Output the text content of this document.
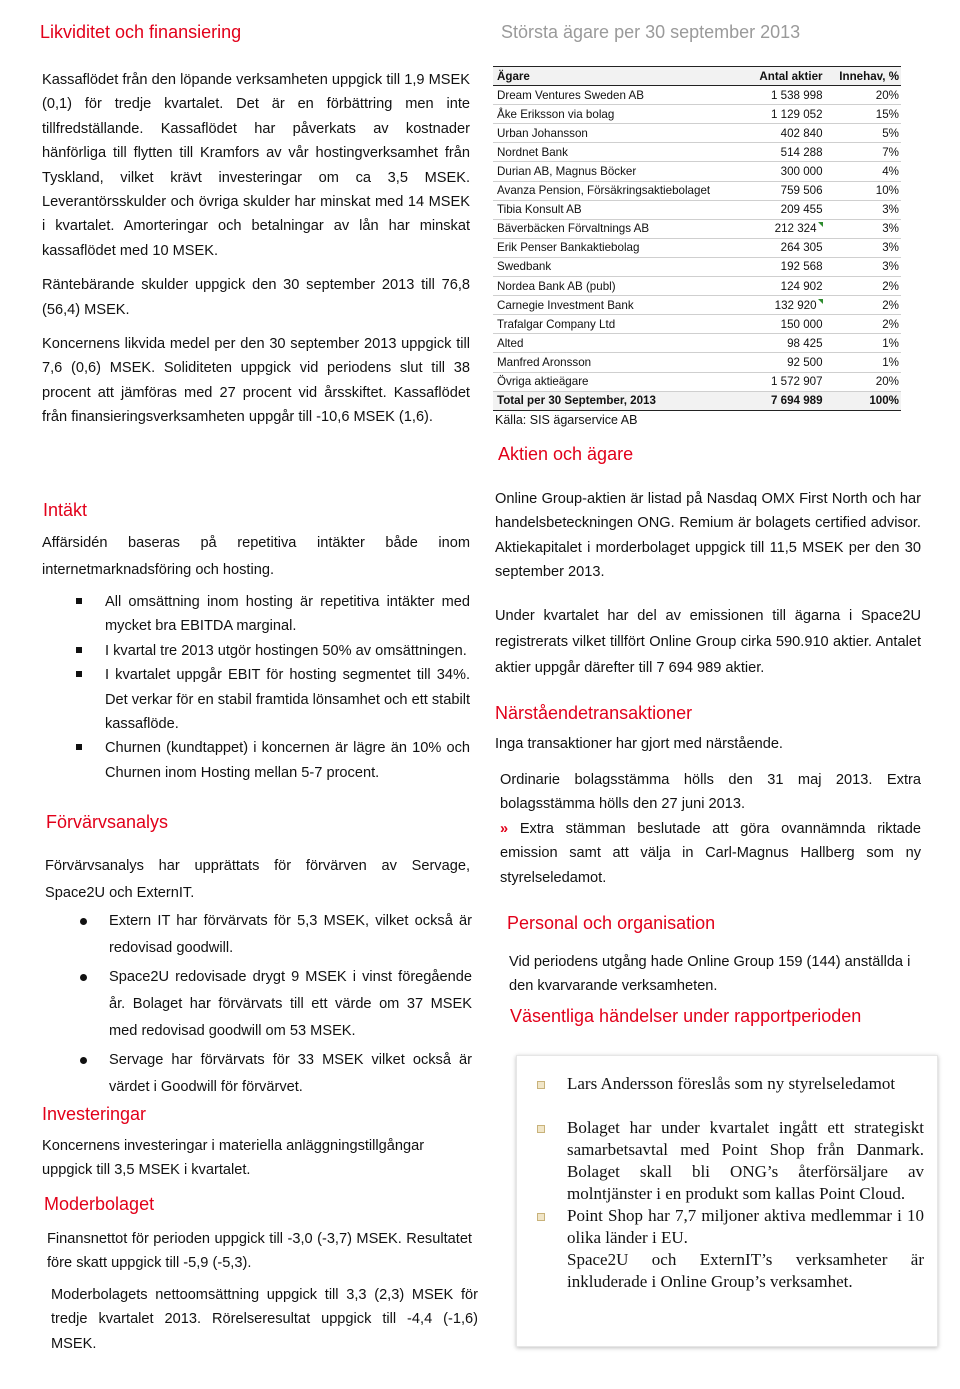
Likviditet och finansiering	Största ägare per 30 september 2013

Kassaflödet från den löpande verksamheten uppgick till 1,9 MSEK (0,1) för tredje kvartalet. Det är en förbättring men inte tillfredställande. Kassaflödet har påverkats av kostnader hänförliga till flytten till Kramfors av vår hostingverksamhet från Tyskland, vilket krävt investeringar om ca 3,5 MSEK. Leverantörsskulder och övriga skulder har minskat med 14 MSEK i kvartalet. Amorteringar och betalningar av lån har minskat kassaflödet med 10 MSEK.

Räntebärande skulder uppgick den 30 september 2013 till 76,8 (56,4) MSEK.

Koncernens likvida medel per den 30 september 2013 uppgick till 7,6 (0,6) MSEK. Soliditeten uppgick vid periodens slut till 38 procent att jämföras med 27 procent vid årsskiftet. Kassaflödet från finansieringsverksamheten uppgår till -10,6 MSEK (1,6).

Intäkt

Affärsidén baseras på repetitiva intäkter både inom internetmarknadsföring och hosting.

All omsättning inom hosting är repetitiva intäkter med mycket bra EBITDA marginal.
I kvartal tre 2013 utgör hostingen 50% av omsättningen.
I kvartalet uppgår EBIT för hosting segmentet till 34%. Det verkar för en stabil framtida lönsamhet och ett stabilt kassaflöde.
Churnen (kundtappet) i koncernen är lägre än 10% och Churnen inom Hosting mellan 5-7 procent.
Förvärvsanalys

Förvärvsanalys har upprättats för förvärven av Servage, Space2U och ExternIT.

Extern IT har förvärvats för 5,3 MSEK, vilket också är redovisad goodwill.
Space2U redovisade drygt 9 MSEK i vinst föregående år. Bolaget har förvärvats till ett värde om 37 MSEK med redovisad goodwill om 53 MSEK.
Servage har förvärvats för 33 MSEK vilket också är värdet i Goodwill för förvärvet.
Investeringar

Koncernens investeringar i materiella anläggningstillgångar uppgick till 3,5 MSEK i kvartalet.

Moderbolaget

Finansnettot för perioden uppgick till -3,0 (-3,7) MSEK. Resultatet före skatt uppgick till -5,9 (-5,3).

Moderbolagets nettoomsättning uppgick till 3,3 (2,3) MSEK för tredje kvartalet 2013. Rörelseresultat uppgick till -4,4 (-1,6) MSEK.

Ägare	Antal aktier	Innehav, %
Dream Ventures Sweden AB	1 538 998	20%
Åke Eriksson via bolag	1 129 052	15%
Urban Johansson	402 840	5%
Nordnet Bank	514 288	7%
Durian AB, Magnus Böcker	300 000	4%
Avanza Pension, Försäkringsaktiebolaget	759 506	10%
Tibia Konsult AB	209 455	3%
Bäverbäcken Förvaltnings AB	212 324	3%
Erik Penser Bankaktiebolag	264 305	3%
Swedbank	192 568	3%
Nordea Bank AB (publ)	124 902	2%
Carnegie Investment Bank	132 920	2%
Trafalgar Company Ltd	150 000	2%
Alted	98 425	1%
Manfred Aronsson	92 500	1%
Övriga aktieägare	1 572 907	20%
Total per 30 September, 2013	7 694 989	100%
Källa: SIS ägarservice AB
Aktien och ägare

Online Group-aktien är listad på Nasdaq OMX First North och har handelsbeteckningen ONG. Remium är bolagets certified advisor. Aktiekapitalet i morderbolaget uppgick till 11,5 MSEK per den 30 september 2013.

Under kvartalet har del av emissionen till ägarna i Space2U registrerats vilket tillfört Online Group cirka 590.910 aktier. Antalet aktier uppgår därefter till 7 694 989 aktier.

Närståendetransaktioner

Inga transaktioner har gjort med närstående.

Ordinarie bolagsstämma hölls den 31 maj 2013. Extra bolagsstämma hölls den 27 juni 2013.

» Extra stämman beslutade att göra ovannämnda riktade emission samt att välja in Carl-Magnus Hallberg som ny styrelseledamot.

Personal och organisation

Vid periodens utgång hade Online Group 159 (144) anställda i den kvarvarande verksamheten.

Väsentliga händelser under rapportperioden
Lars Andersson föreslås som ny styrelseledamot
Bolaget har under kvartalet ingått ett strategiskt samarbetsavtal med Point Shop från Danmark. Bolaget skall bli ONG’s återförsäljare av molntjänster i en produkt som kallas Point Cloud.
Point Shop har 7,7 miljoner aktiva medlemmar i 10 olika länder i EU.
Space2U och ExternIT’s verksamheter är inkluderade i Online Group’s verksamhet.
